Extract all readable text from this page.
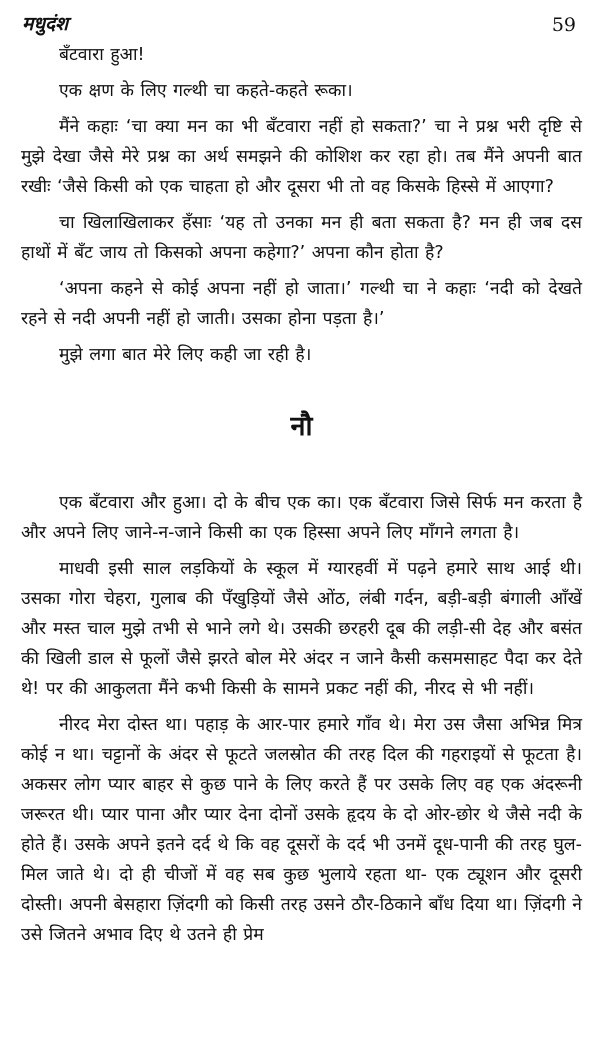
मधुदंश	59

बँटवारा हुआ!

एक क्षण के लिए गल्थी चा कहते-कहते रूका।

मैंने कहाः ‘चा क्या मन का भी बँटवारा नहीं हो सकता?’ चा ने प्रश्न भरी दृष्टि से मुझे देखा जैसे मेरे प्रश्न का अर्थ समझने की कोशिश कर रहा हो। तब मैंने अपनी बात रखीः ‘जैसे किसी को एक चाहता हो और दूसरा भी तो वह किसके हिस्से में आएगा?

चा खिलाखिलाकर हँसाः ‘यह तो उनका मन ही बता सकता है? मन ही जब दस हाथों में बँट जाय तो किसको अपना कहेगा?’ अपना कौन होता है?

‘अपना कहने से कोई अपना नहीं हो जाता।’ गल्थी चा ने कहाः ‘नदी को देखते रहने से नदी अपनी नहीं हो जाती। उसका होना पड़ता है।’

मुझे लगा बात मेरे लिए कही जा रही है।

नौ

एक बँटवारा और हुआ। दो के बीच एक का। एक बँटवारा जिसे सिर्फ मन करता है और अपने लिए जाने-न-जाने किसी का एक हिस्सा अपने लिए माँगने लगता है।

माधवी इसी साल लड़कियों के स्कूल में ग्यारहवीं में पढ़ने हमारे साथ आई थी। उसका गोरा चेहरा, गुलाब की पँखुड़ियों जैसे ओंठ, लंबी गर्दन, बड़ी-बड़ी बंगाली आँखें और मस्त चाल मुझे तभी से भाने लगे थे। उसकी छरहरी दूब की लड़ी-सी देह और बसंत की खिली डाल से फूलों जैसे झरते बोल मेरे अंदर न जाने कैसी कसमसाहट पैदा कर देते थे! पर की आकुलता मैंने कभी किसी के सामने प्रकट नहीं की, नीरद से भी नहीं।

नीरद मेरा दोस्त था। पहाड़ के आर-पार हमारे गाँव थे। मेरा उस जैसा अभिन्न मित्र कोई न था। चट्टानों के अंदर से फूटते जलस्रोत की तरह दिल की गहराइयों से फूटता है। अकसर लोग प्यार बाहर से कुछ पाने के लिए करते हैं पर उसके लिए वह एक अंदरूनी जरूरत थी। प्यार पाना और प्यार देना दोनों उसके हृदय के दो ओर-छोर थे जैसे नदी के होते हैं। उसके अपने इतने दर्द थे कि वह दूसरों के दर्द भी उनमें दूध-पानी की तरह घुल-मिल जाते थे। दो ही चीजों में वह सब कुछ भुलाये रहता था- एक ट्यूशन और दूसरी दोस्ती। अपनी बेसहारा ज़िंदगी को किसी तरह उसने ठौर-ठिकाने बाँध दिया था। ज़िंदगी ने उसे जितने अभाव दिए थे उतने ही प्रेम
